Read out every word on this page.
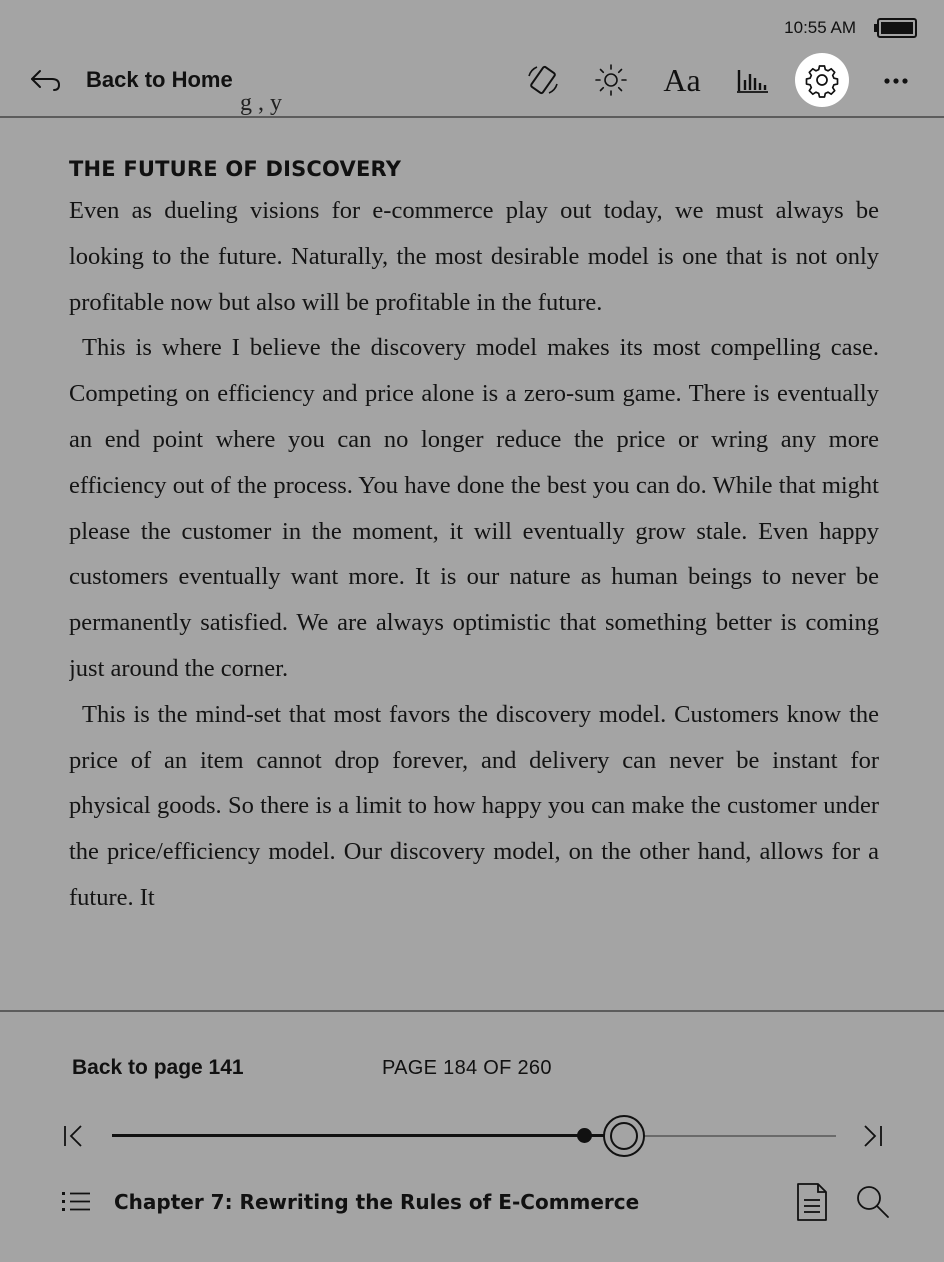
10:55 AM
Back to Home	Aa
g , y
THE FUTURE OF DISCOVERY

Even as dueling visions for e-commerce play out today, we must always be looking to the future. Naturally, the most desirable model is one that is not only profitable now but also will be profitable in the future.

This is where I believe the discovery model makes its most compelling case. Competing on efficiency and price alone is a zero-sum game. There is eventually an end point where you can no longer reduce the price or wring any more efficiency out of the process. You have done the best you can do. While that might please the customer in the moment, it will eventually grow stale. Even happy customers eventually want more. It is our nature as human beings to never be permanently satisfied. We are always optimistic that something better is coming just around the corner.

This is the mind-set that most favors the discovery model. Customers know the price of an item cannot drop forever, and delivery can never be instant for physical goods. So there is a limit to how happy you can make the customer under the price/efficiency model. Our discovery model, on the other hand, allows for a future. It

Back to page 141	PAGE 184 OF 260
Chapter 7: Rewriting the Rules of E-Commerce
